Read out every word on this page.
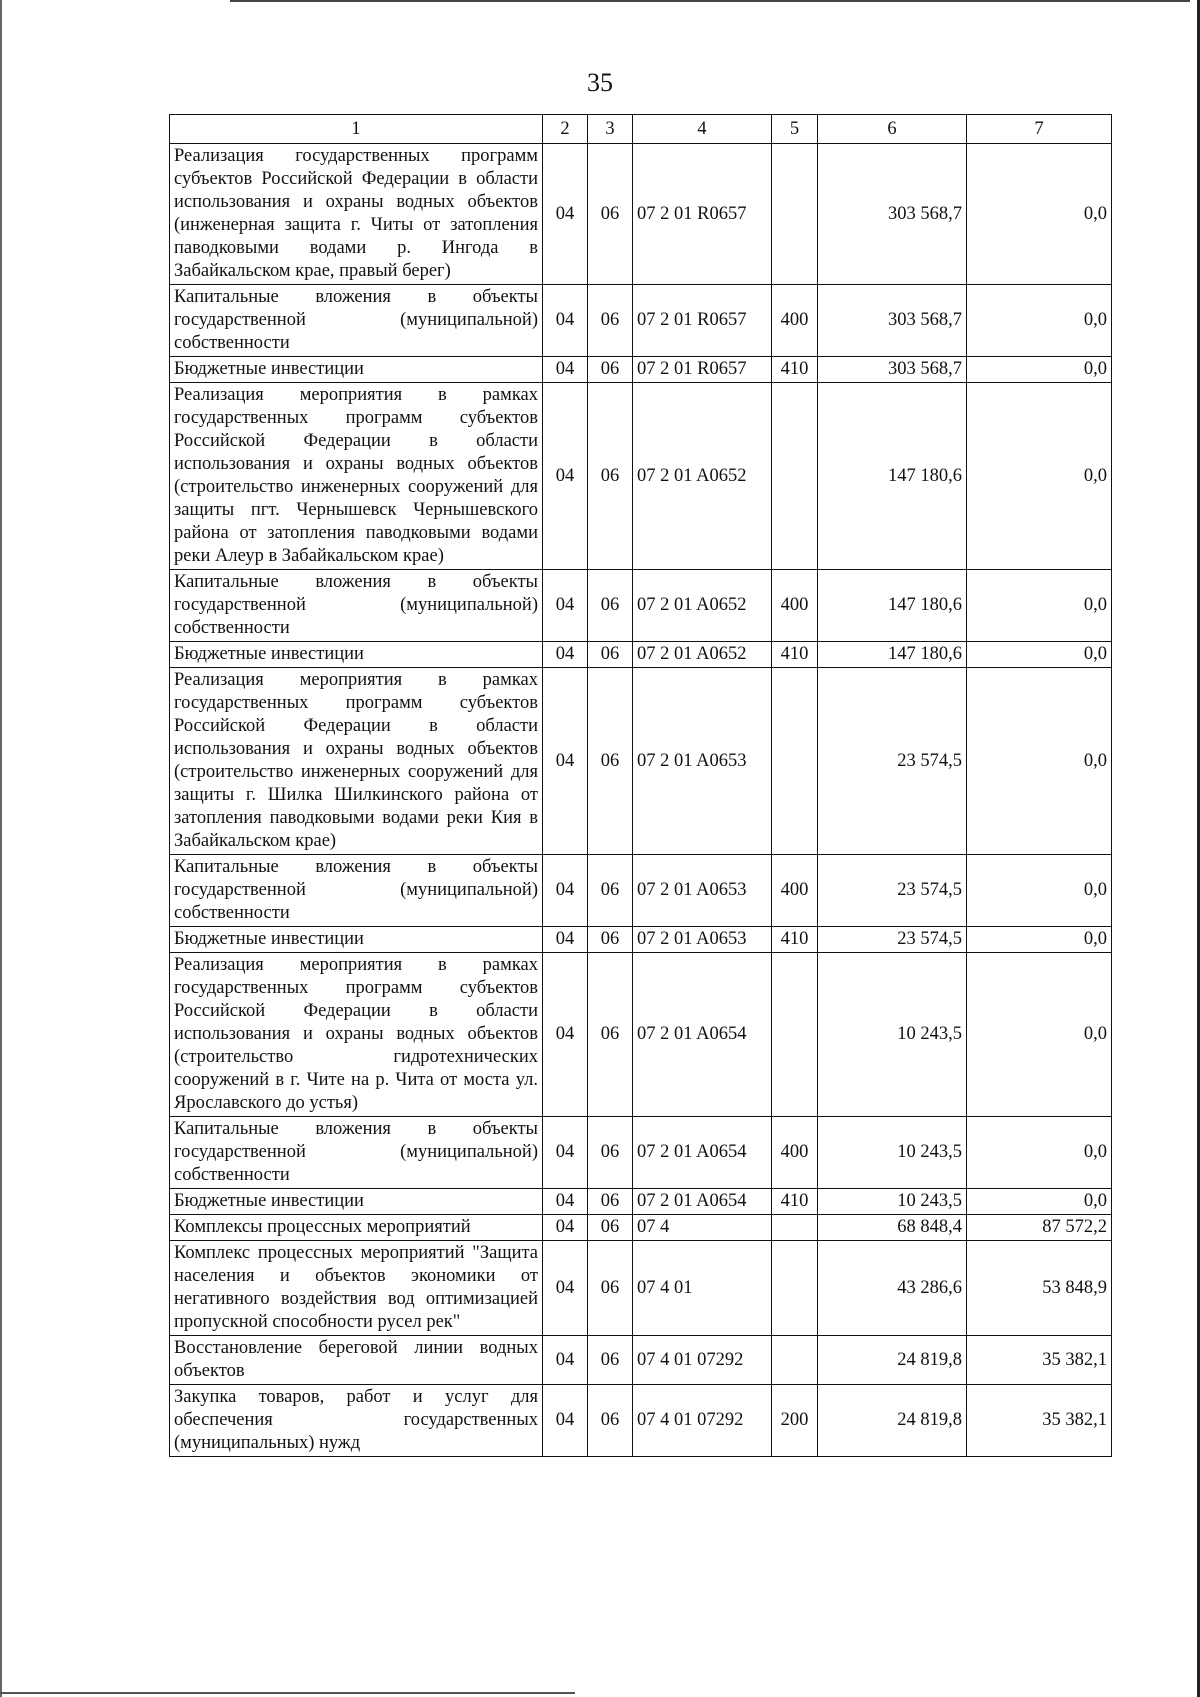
35
1	2	3	4	5	6	7
Реализация государственных программ субъектов Российской Федерации в области использования и охраны водных объектов (инженерная защита г. Читы от затопления паводковыми водами р. Ингода в Забайкальском крае, правый берег)	04	06	07 2 01 R0657		303 568,7	0,0
Капитальные вложения в объекты государственной (муниципальной) собственности	04	06	07 2 01 R0657	400	303 568,7	0,0
Бюджетные инвестиции	04	06	07 2 01 R0657	410	303 568,7	0,0
Реализация мероприятия в рамках государственных программ субъектов Российской Федерации в области использования и охраны водных объектов (строительство инженерных сооружений для защиты пгт. Чернышевск Чернышевского района от затопления паводковыми водами реки Алеур в Забайкальском крае)	04	06	07 2 01 A0652		147 180,6	0,0
Капитальные вложения в объекты государственной (муниципальной) собственности	04	06	07 2 01 A0652	400	147 180,6	0,0
Бюджетные инвестиции	04	06	07 2 01 A0652	410	147 180,6	0,0
Реализация мероприятия в рамках государственных программ субъектов Российской Федерации в области использования и охраны водных объектов (строительство инженерных сооружений для защиты г. Шилка Шилкинского района от затопления паводковыми водами реки Кия в Забайкальском крае)	04	06	07 2 01 A0653		23 574,5	0,0
Капитальные вложения в объекты государственной (муниципальной) собственности	04	06	07 2 01 A0653	400	23 574,5	0,0
Бюджетные инвестиции	04	06	07 2 01 A0653	410	23 574,5	0,0
Реализация мероприятия в рамках государственных программ субъектов Российской Федерации в области использования и охраны водных объектов (строительство гидротехнических сооружений в г. Чите на р. Чита от моста ул. Ярославского до устья)	04	06	07 2 01 A0654		10 243,5	0,0
Капитальные вложения в объекты государственной (муниципальной) собственности	04	06	07 2 01 A0654	400	10 243,5	0,0
Бюджетные инвестиции	04	06	07 2 01 A0654	410	10 243,5	0,0
Комплексы процессных мероприятий	04	06	07 4		68 848,4	87 572,2
Комплекс процессных мероприятий "Защита населения и объектов экономики от негативного воздействия вод оптимизацией пропускной способности русел рек"	04	06	07 4 01		43 286,6	53 848,9
Восстановление береговой линии водных объектов	04	06	07 4 01 07292		24 819,8	35 382,1
Закупка товаров, работ и услуг для обеспечения государственных (муниципальных) нужд	04	06	07 4 01 07292	200	24 819,8	35 382,1
